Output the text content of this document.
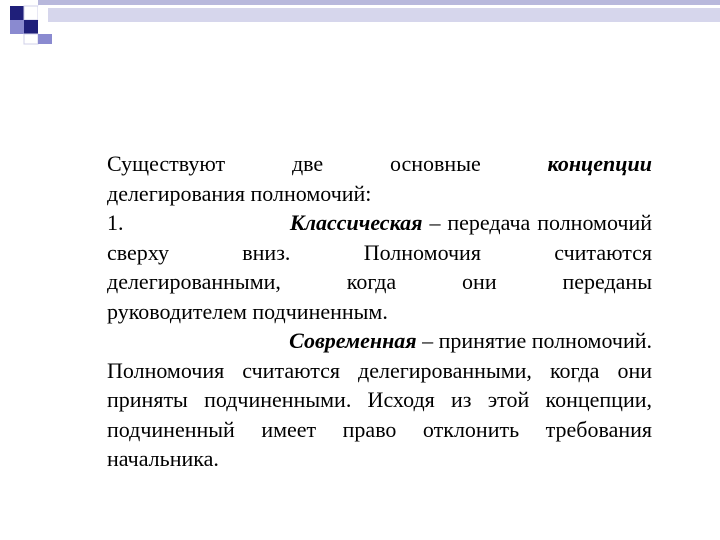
Существуют две основные концепции

делегирования полномочий:

1.	Классическая – передача полномочий

сверху вниз. Полномочия считаются

делегированными, когда они переданы

руководителем подчиненным.

Современная – принятие полномочий.

Полномочия считаются делегированными, когда они приняты подчиненными. Исходя из этой концепции, подчиненный имеет право отклонить требования начальника.
